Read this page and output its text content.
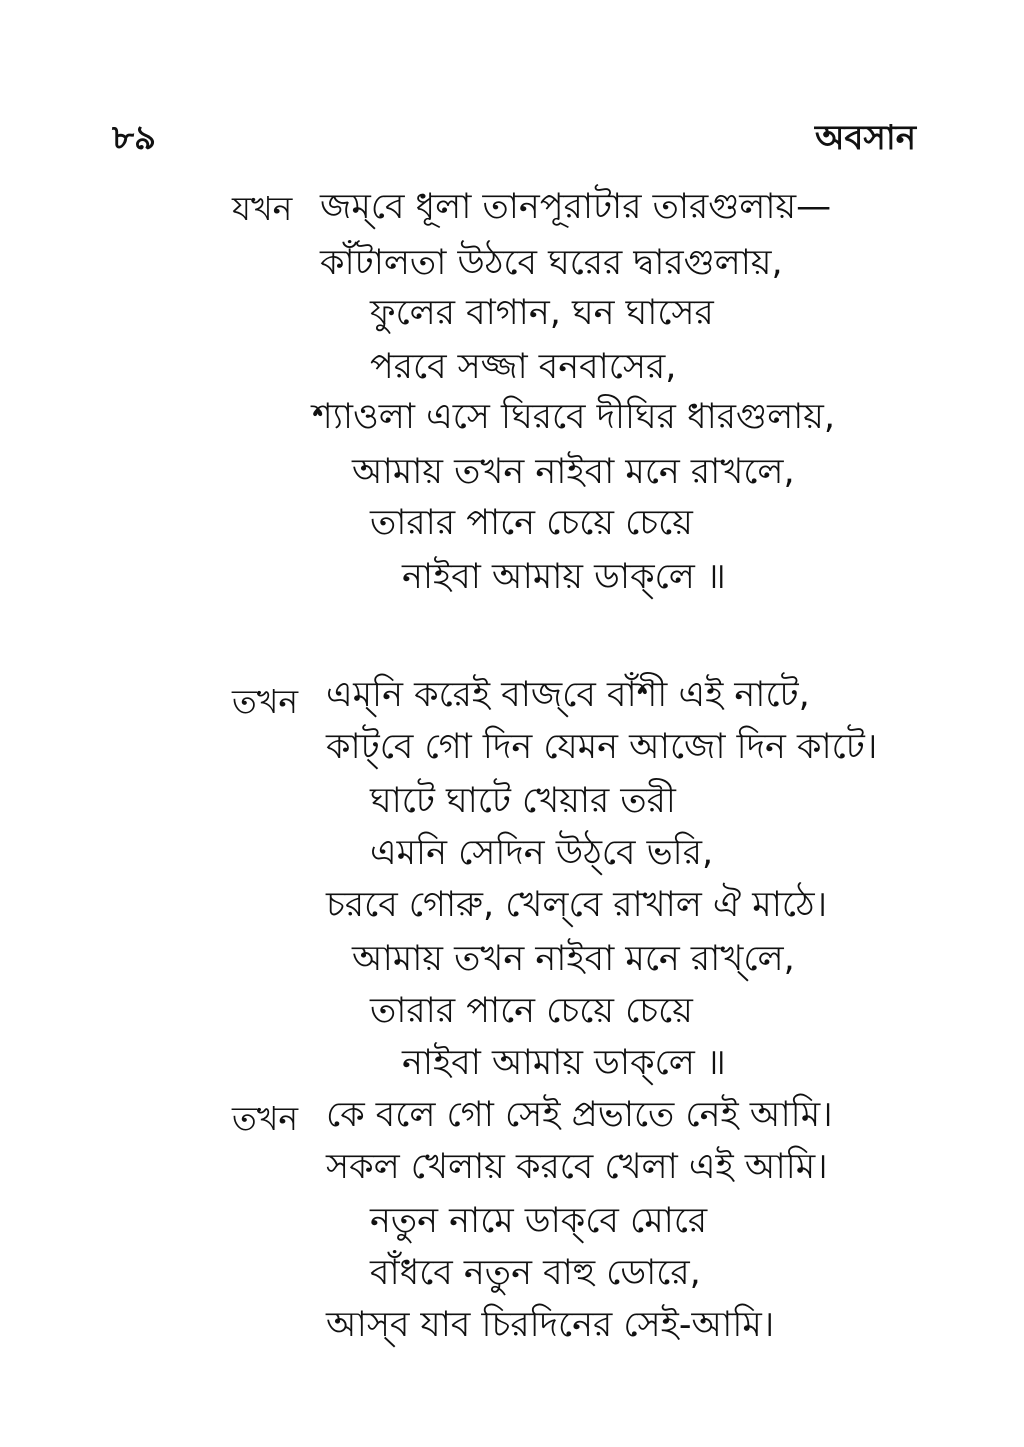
৮৯	অবসান
যখন জম্‌বে ধূলা তানপূরাটার তারগুলায়—
কাঁটালতা উঠবে ঘরের দ্বারগুলায়,
ফুলের বাগান, ঘন ঘাসের
পরবে সজ্জা বনবাসের,
শ্যাওলা এসে ঘিরবে দীঘির ধারগুলায়,
আমায় তখন নাইবা মনে রাখলে,
তারার পানে চেয়ে চেয়ে
নাইবা আমায় ডাক্‌লে ॥
তখন এম্‌নি করেই বাজ্‌বে বাঁশী এই নাটে,
কাট্‌বে গো দিন যেমন আজো দিন কাটে।
ঘাটে ঘাটে খেয়ার তরী
এমনি সেদিন উঠ্‌বে ভরি,
চরবে গোরু, খেল্‌বে রাখাল ঐ মাঠে।
আমায় তখন নাইবা মনে রাখ্‌লে,
তারার পানে চেয়ে চেয়ে
নাইবা আমায় ডাক্‌লে ॥
তখন কে বলে গো সেই প্রভাতে নেই আমি।
সকল খেলায় করবে খেলা এই আমি।
নতুন নামে ডাক্‌বে মোরে
বাঁধবে নতুন বাহু ডোরে,
আস্‌ব যাব চিরদিনের সেই-আমি।
